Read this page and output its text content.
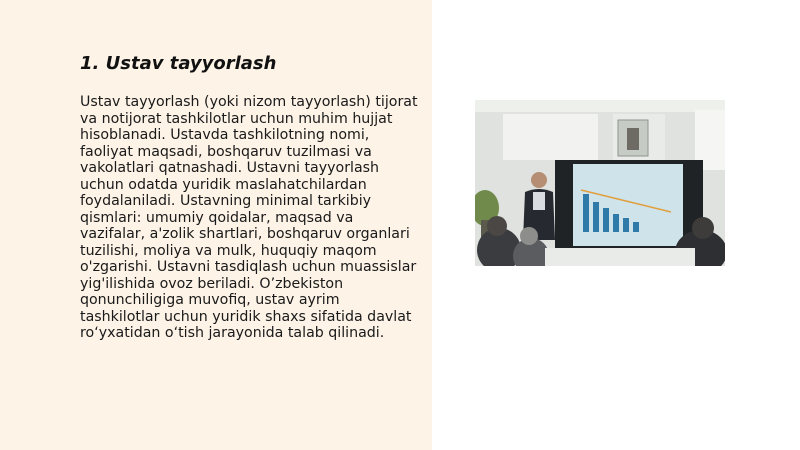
1. Ustav tayyorlash

Ustav tayyorlash (yoki nizom tayyorlash) tijorat va notijorat tashkilotlar uchun muhim hujjat hisoblanadi. Ustavda tashkilotning nomi, faoliyat maqsadi, boshqaruv tuzilmasi va vakolatlari qatnashadi. Ustavni tayyorlash uchun odatda yuridik maslahatchilardan foydalaniladi. Ustavning minimal tarkibiy qismlari: umumiy qoidalar, maqsad va vazifalar, a'zolik shartlari, boshqaruv organlari tuzilishi, moliya va mulk, huquqiy maqom o'zgarishi. Ustavni tasdiqlash uchun muassislar yig'ilishida ovoz beriladi. O’zbekiston qonunchiligiga muvofiq, ustav ayrim tashkilotlar uchun yuridik shaxs sifatida davlat ro‘yxatidan o‘tish jarayonida talab qilinadi.
